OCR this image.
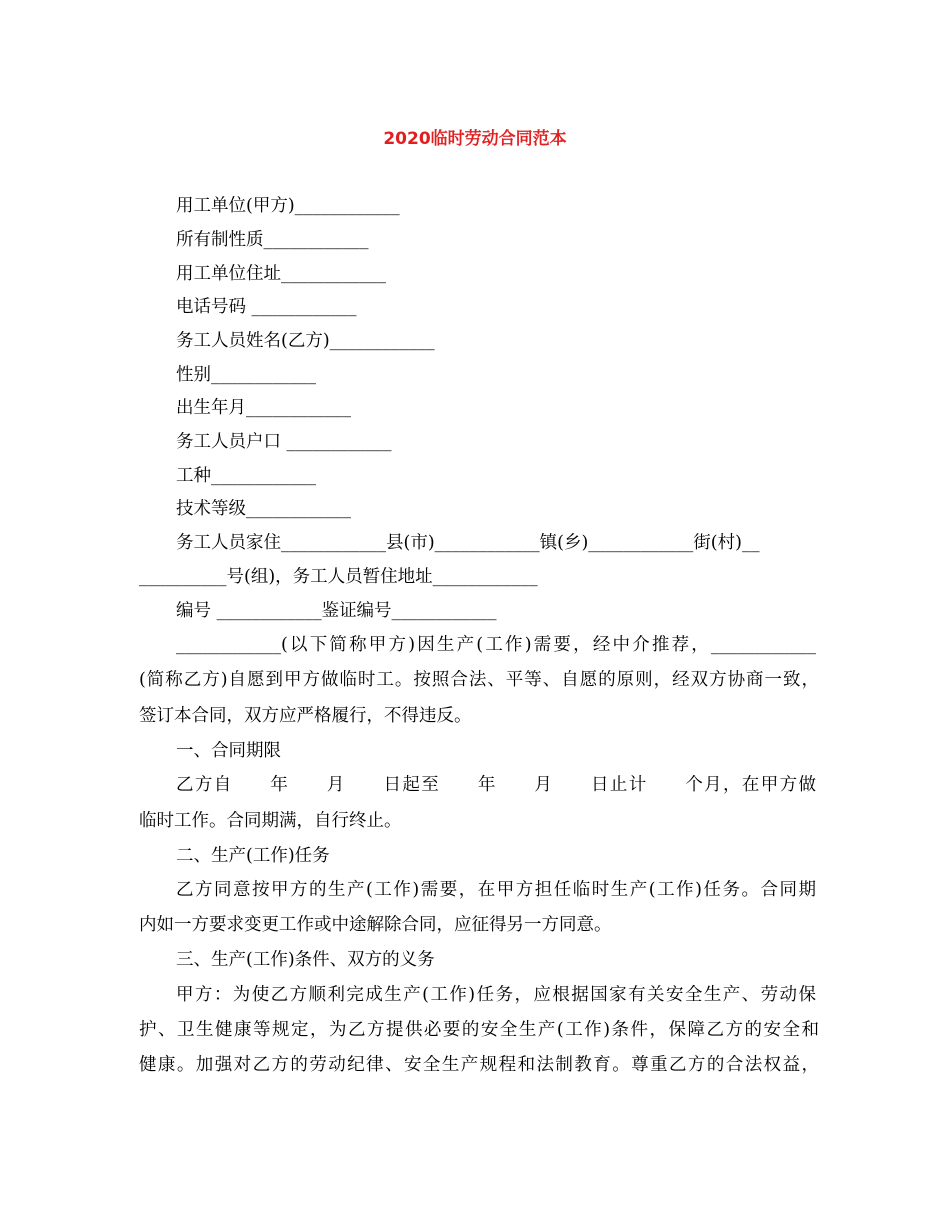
2020临时劳动合同范本

用工单位(甲方)____________

所有制性质____________

用工单位住址____________

电话号码 ____________

务工人员姓名(乙方)____________

性别____________

出生年月____________

务工人员户口 ____________

工种____________

技术等级____________

务工人员家住____________县(市)____________镇(乡)____________街(村)__

__________号(组)，务工人员暂住地址____________

编号 ____________鉴证编号____________

____________(以下简称甲方)因生产(工作)需要，经中介推荐，____________

(简称乙方)自愿到甲方做临时工。按照合法、平等、自愿的原则，经双方协商一致，

签订本合同，双方应严格履行，不得违反。

一、合同期限

乙方自　　年　　月　　日起至　　年　　月　　日止计　　个月，在甲方做

临时工作。合同期满，自行终止。

二、生产(工作)任务

乙方同意按甲方的生产(工作)需要，在甲方担任临时生产(工作)任务。合同期

内如一方要求变更工作或中途解除合同，应征得另一方同意。

三、生产(工作)条件、双方的义务

甲方：为使乙方顺利完成生产(工作)任务，应根据国家有关安全生产、劳动保

护、卫生健康等规定，为乙方提供必要的安全生产(工作)条件，保障乙方的安全和

健康。加强对乙方的劳动纪律、安全生产规程和法制教育。尊重乙方的合法权益，
